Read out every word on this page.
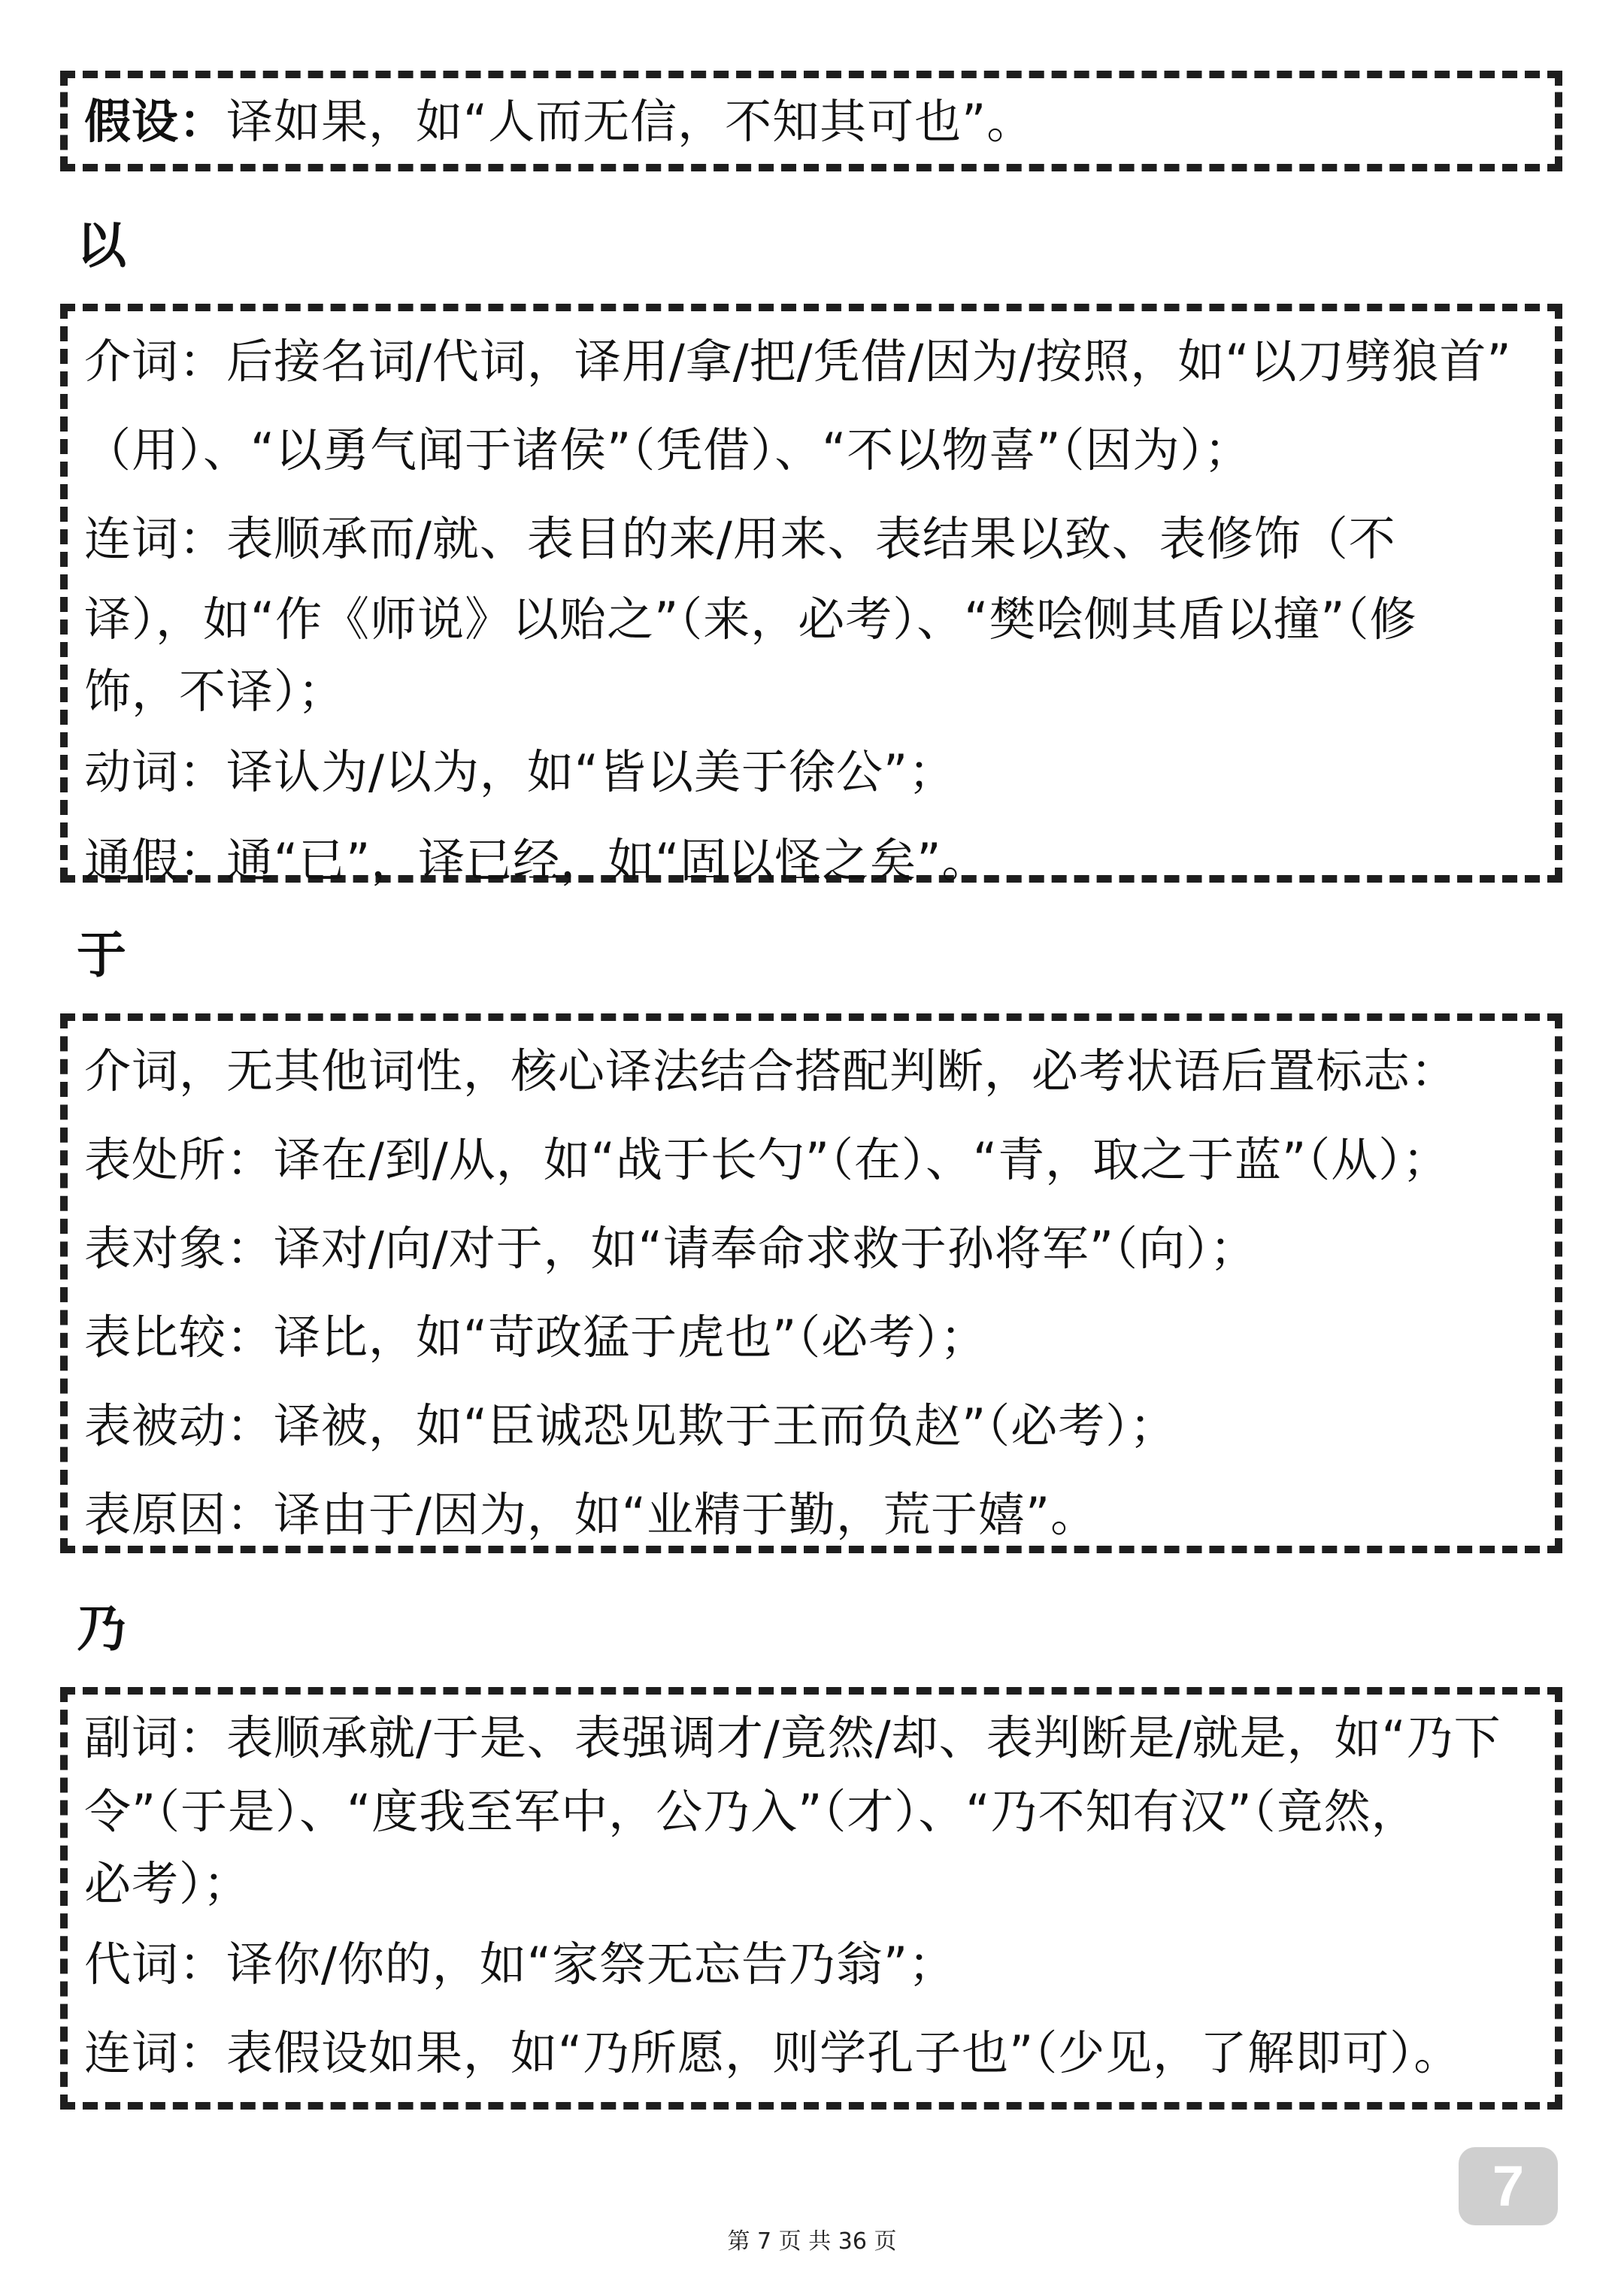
假设：译如果，如“人而无信，不知其可也”。
以
介词：后接名词/代词，译用/拿/把/凭借/因为/按照，如“以刀劈狼首”
（用）、“以勇气闻于诸侯”（凭借）、“不以物喜”（因为）；
连词：表顺承而/就、表目的来/用来、表结果以致、表修饰（不
译），如“作《师说》以贻之”（来，必考）、“樊哙侧其盾以撞”（修
饰，不译）；
动词：译认为/以为，如“皆以美于徐公”；
通假：通“已”，译已经，如“固以怪之矣”。
于
介词，无其他词性，核心译法结合搭配判断，必考状语后置标志：
表处所：译在/到/从，如“战于长勺”（在）、“青，取之于蓝”（从）；
表对象：译对/向/对于，如“请奉命求救于孙将军”（向）；
表比较：译比，如“苛政猛于虎也”（必考）；
表被动：译被，如“臣诚恐见欺于王而负赵”（必考）；
表原因：译由于/因为，如“业精于勤，荒于嬉”。
乃
副词：表顺承就/于是、表强调才/竟然/却、表判断是/就是，如“乃下
令”（于是）、“度我至军中，公乃入”（才）、“乃不知有汉”（竟然，
必考）；
代词：译你/你的，如“家祭无忘告乃翁”；
连词：表假设如果，如“乃所愿，则学孔子也”（少见，了解即可）。
7
第 7 页 共 36 页
